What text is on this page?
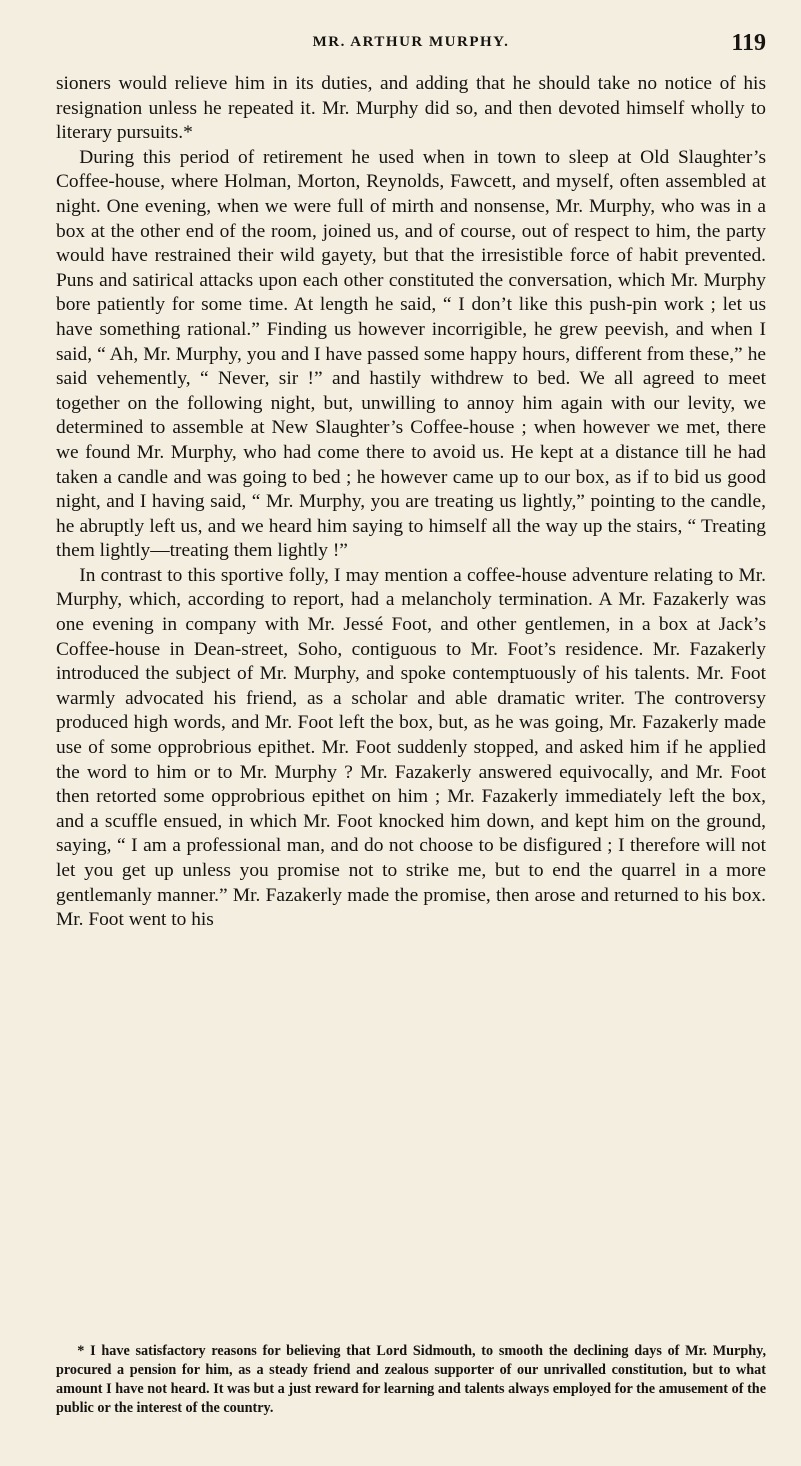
MR. ARTHUR MURPHY.	119

sioners would relieve him in its duties, and adding that he should take no notice of his resignation unless he repeated it. Mr. Murphy did so, and then devoted himself wholly to literary pursuits.*

During this period of retirement he used when in town to sleep at Old Slaughter’s Coffee-house, where Holman, Morton, Reynolds, Fawcett, and myself, often assembled at night. One evening, when we were full of mirth and nonsense, Mr. Murphy, who was in a box at the other end of the room, joined us, and of course, out of respect to him, the party would have restrained their wild gayety, but that the irresistible force of habit prevented. Puns and satirical attacks upon each other constituted the conversation, which Mr. Murphy bore patiently for some time. At length he said, “ I don’t like this push-pin work ; let us have something rational.” Finding us however incorrigible, he grew peevish, and when I said, “ Ah, Mr. Murphy, you and I have passed some happy hours, different from these,” he said vehemently, “ Never, sir !” and hastily withdrew to bed. We all agreed to meet together on the following night, but, unwilling to annoy him again with our levity, we determined to assemble at New Slaughter’s Coffee-house ; when however we met, there we found Mr. Murphy, who had come there to avoid us. He kept at a distance till he had taken a candle and was going to bed ; he however came up to our box, as if to bid us good night, and I having said, “ Mr. Murphy, you are treating us lightly,” pointing to the candle, he abruptly left us, and we heard him saying to himself all the way up the stairs, “ Treating them lightly—treating them lightly !”

In contrast to this sportive folly, I may mention a coffee-house adventure relating to Mr. Murphy, which, according to report, had a melancholy termination. A Mr. Fazakerly was one evening in company with Mr. Jessé Foot, and other gentlemen, in a box at Jack’s Coffee-house in Dean-street, Soho, contiguous to Mr. Foot’s residence. Mr. Fazakerly introduced the subject of Mr. Murphy, and spoke contemptuously of his talents. Mr. Foot warmly advocated his friend, as a scholar and able dramatic writer. The controversy produced high words, and Mr. Foot left the box, but, as he was going, Mr. Fazakerly made use of some opprobrious epithet. Mr. Foot suddenly stopped, and asked him if he applied the word to him or to Mr. Murphy ? Mr. Fazakerly answered equivocally, and Mr. Foot then retorted some opprobrious epithet on him ; Mr. Fazakerly immediately left the box, and a scuffle ensued, in which Mr. Foot knocked him down, and kept him on the ground, saying, “ I am a professional man, and do not choose to be disfigured ; I therefore will not let you get up unless you promise not to strike me, but to end the quarrel in a more gentlemanly manner.” Mr. Fazakerly made the promise, then arose and returned to his box. Mr. Foot went to his

* I have satisfactory reasons for believing that Lord Sidmouth, to smooth the declining days of Mr. Murphy, procured a pension for him, as a steady friend and zealous supporter of our unrivalled constitution, but to what amount I have not heard. It was but a just reward for learning and talents always employed for the amusement of the public or the interest of the country.
